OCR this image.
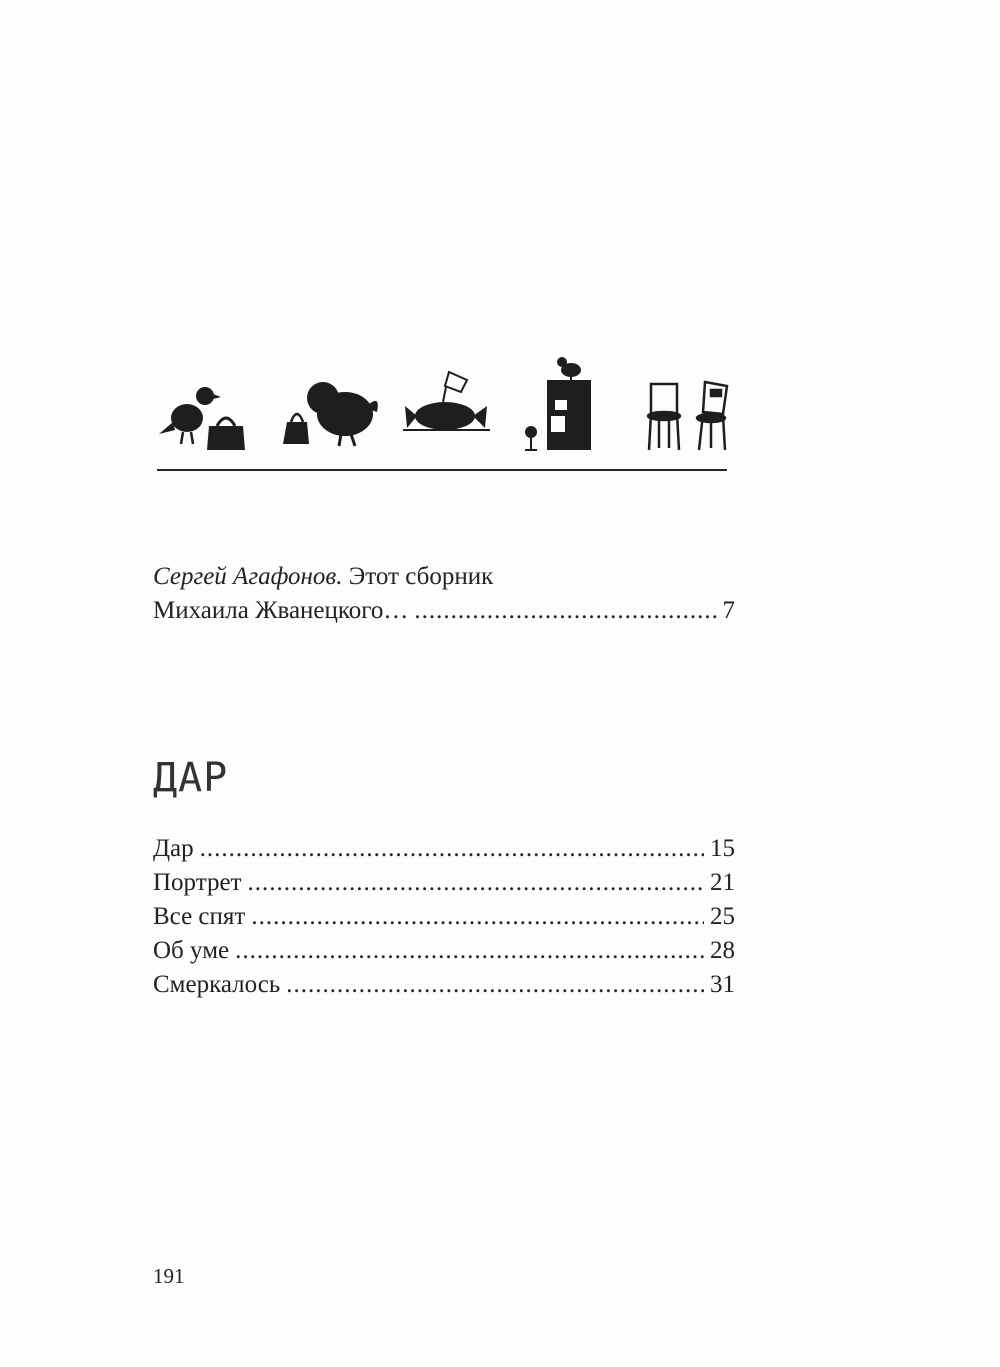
Сергей Агафонов. Этот сборник
Михаила Жванецкого… .....	7
ДАР
Дар .....	15
Портрет .....	21
Все спят .....	25
Об уме .....	28
Смеркалось .....	31
191
